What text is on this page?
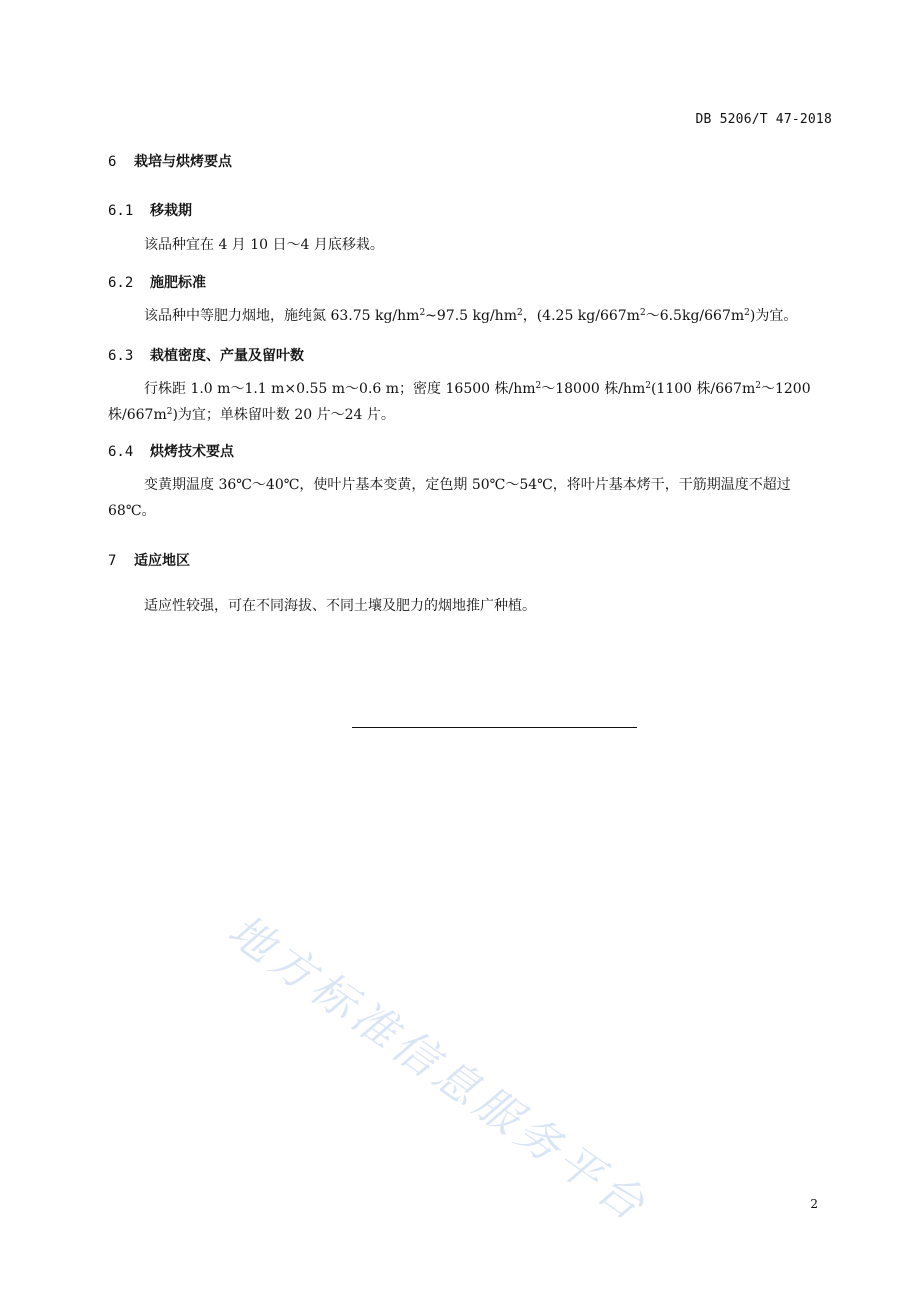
DB 5206/T 47-2018
6 栽培与烘烤要点
6.1 移栽期
该品种宜在 4 月 10 日～4 月底移栽。
6.2 施肥标准
该品种中等肥力烟地，施纯氮 63.75 $kg/hm^2\sim 97.5$ $kg/hm^2$，(4.25 $kg/667m^2\sim 6.5kg/667m^2$)为宜。
6.3 栽植密度、产量及留叶数
行株距 1.0 m～1.1 m×0.55 m～0.6 m；密度 16500 株$/hm^2\sim 18000$ 株$/hm^2(1100$ 株$/667m^2\sim 1200$ 株$/667m^2$)为宜；单株留叶数 20 片～24 片。
6.4 烘烤技术要点
变黄期温度 36℃～40℃，使叶片基本变黄，定色期 50℃～54℃，将叶片基本烤干，干筋期温度不超过 68℃。
7 适应地区
适应性较强，可在不同海拔、不同土壤及肥力的烟地推广种植。
地方标准信息服务平台	2
